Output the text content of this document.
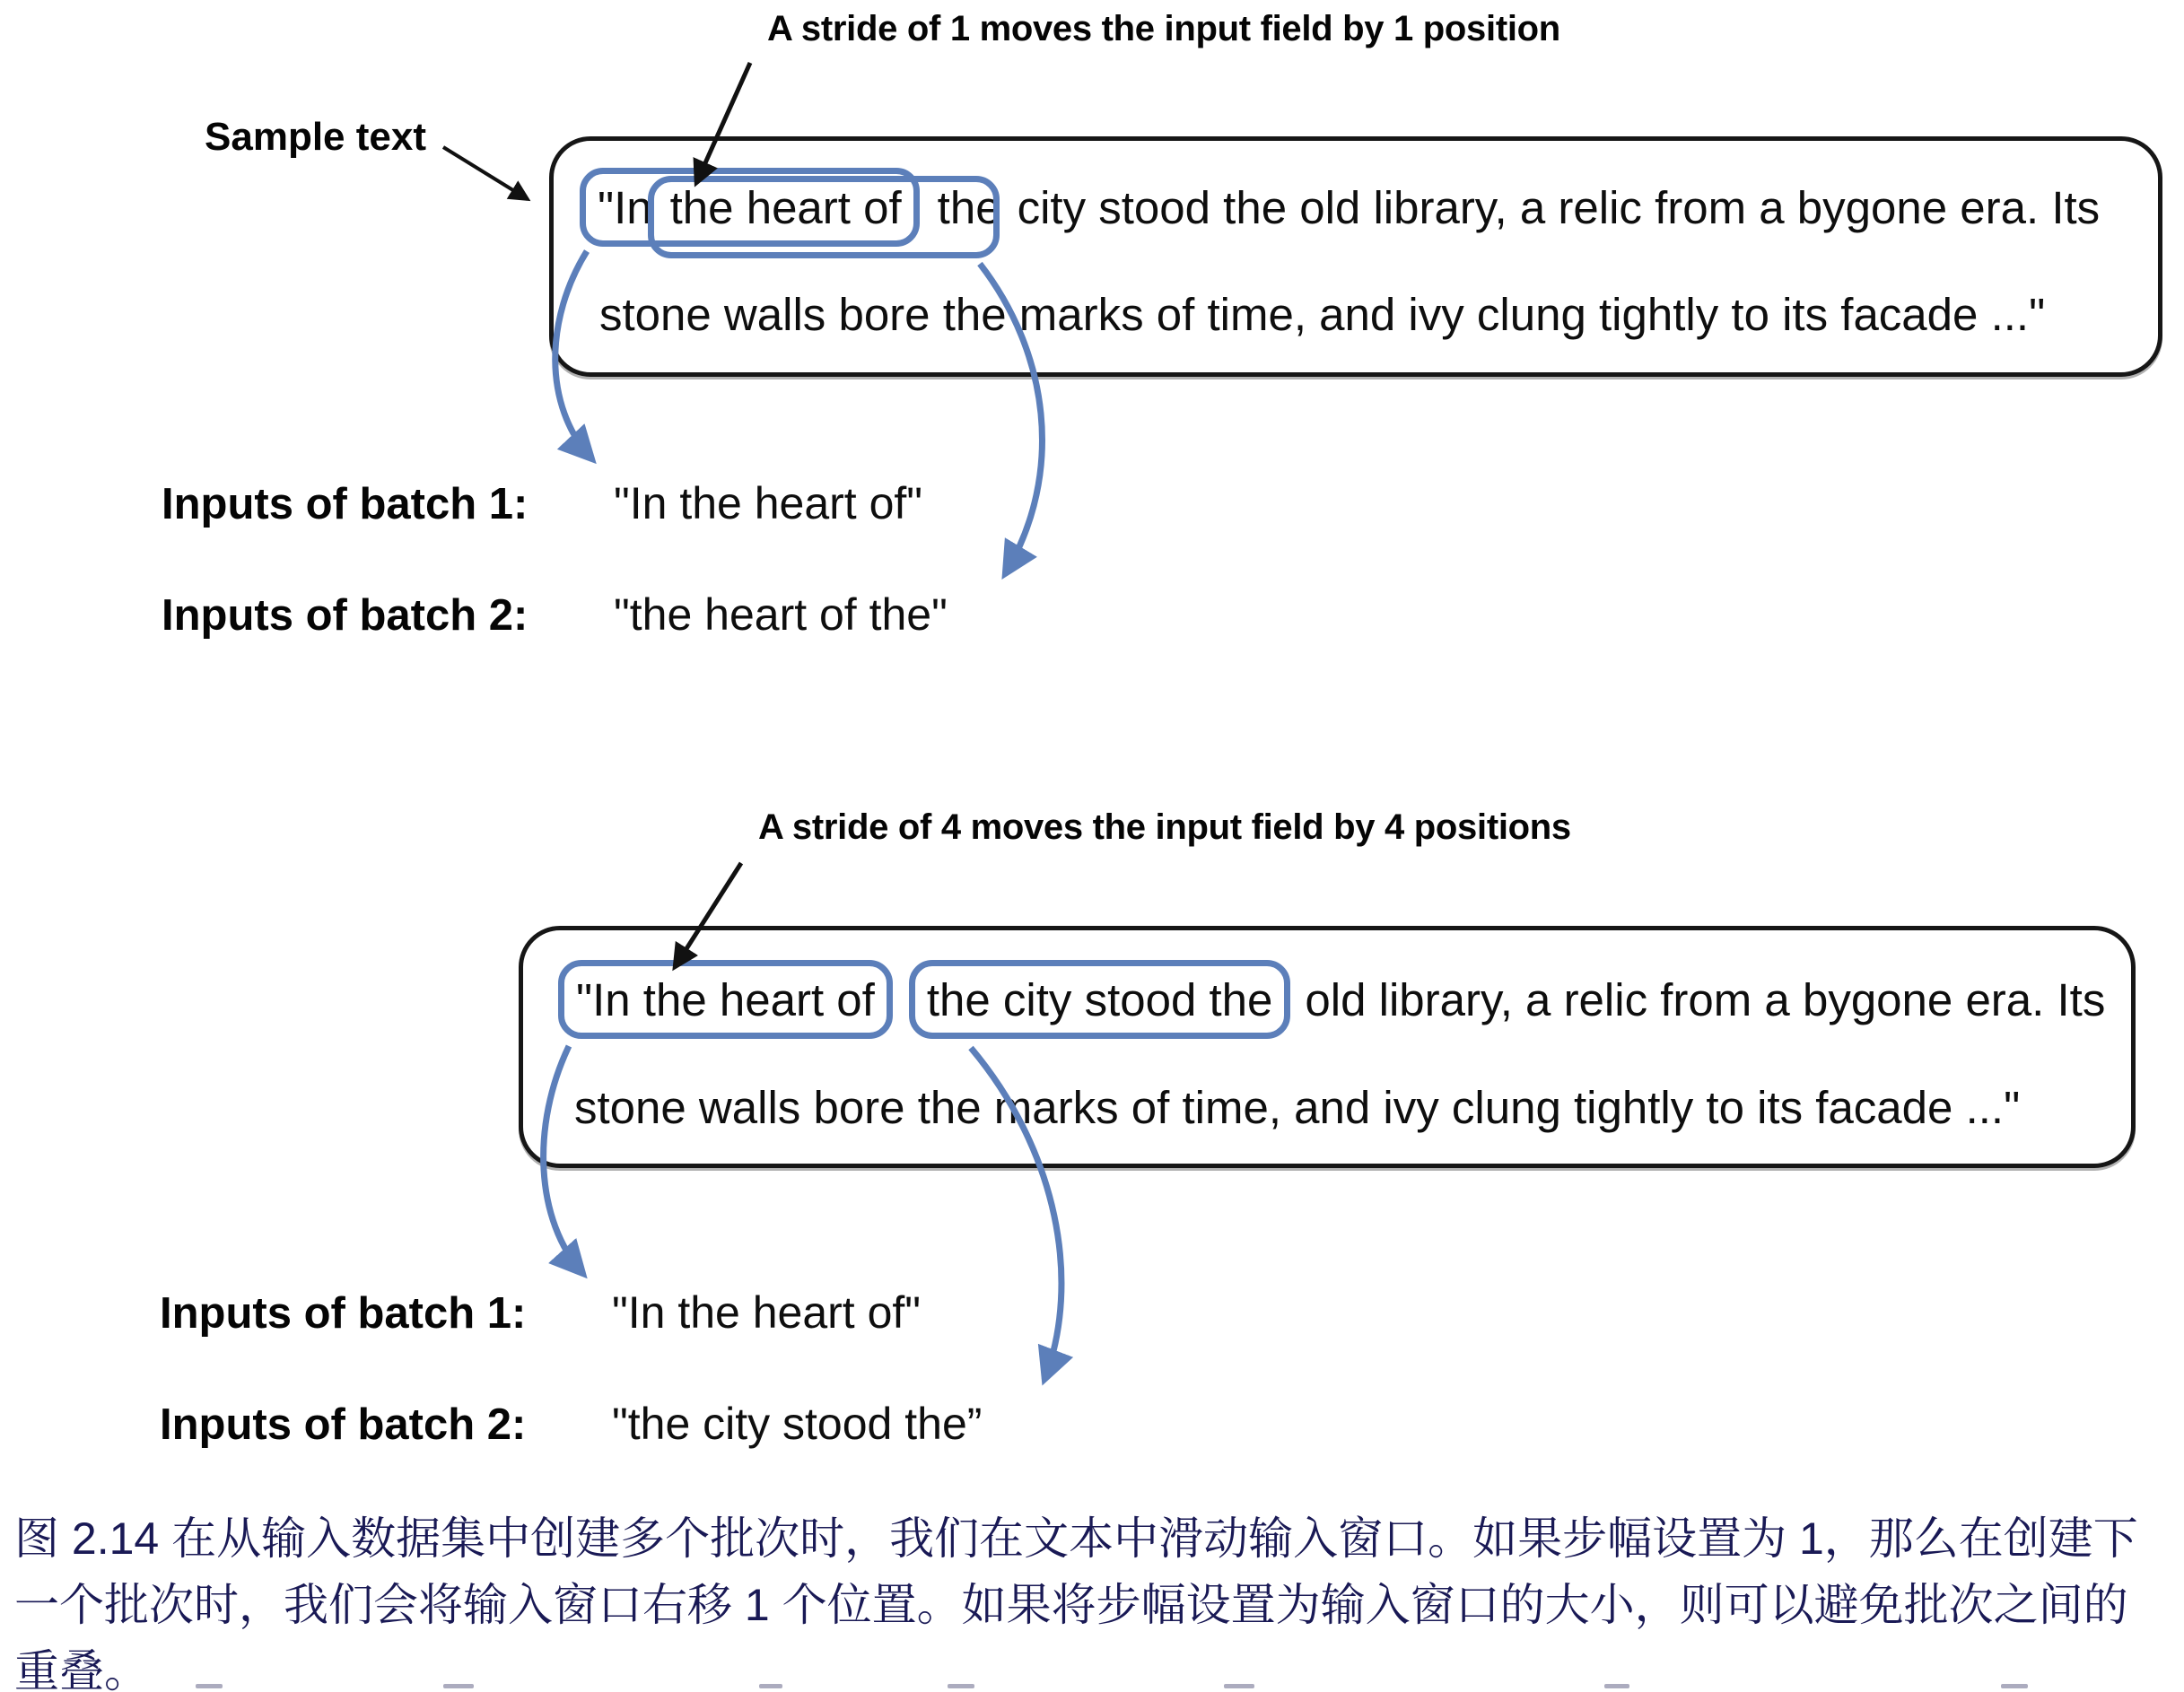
A stride of 1 moves the input field by 1 position
Sample text
"In the heart of the city stood the old library, a relic from a bygone era. Its
stone walls bore the marks of time, and ivy clung tightly to its facade ..."
Inputs of batch 1:	"In the heart of"
Inputs of batch 2:	"the heart of the"
A stride of 4 moves the input field by 4 positions
"In the heart of the city stood the old library, a relic from a bygone era. Its
stone walls bore the marks of time, and ivy clung tightly to its facade ..."
Inputs of batch 1:	"In the heart of"
Inputs of batch 2:	"the city stood the”
图 2.14 在从输入数据集中创建多个批次时，我们在文本中滑动输入窗口。如果步幅设置为 1，那么在创建下
一个批次时，我们会将输入窗口右移 1 个位置。如果将步幅设置为输入窗口的大小，则可以避免批次之间的
重叠。
